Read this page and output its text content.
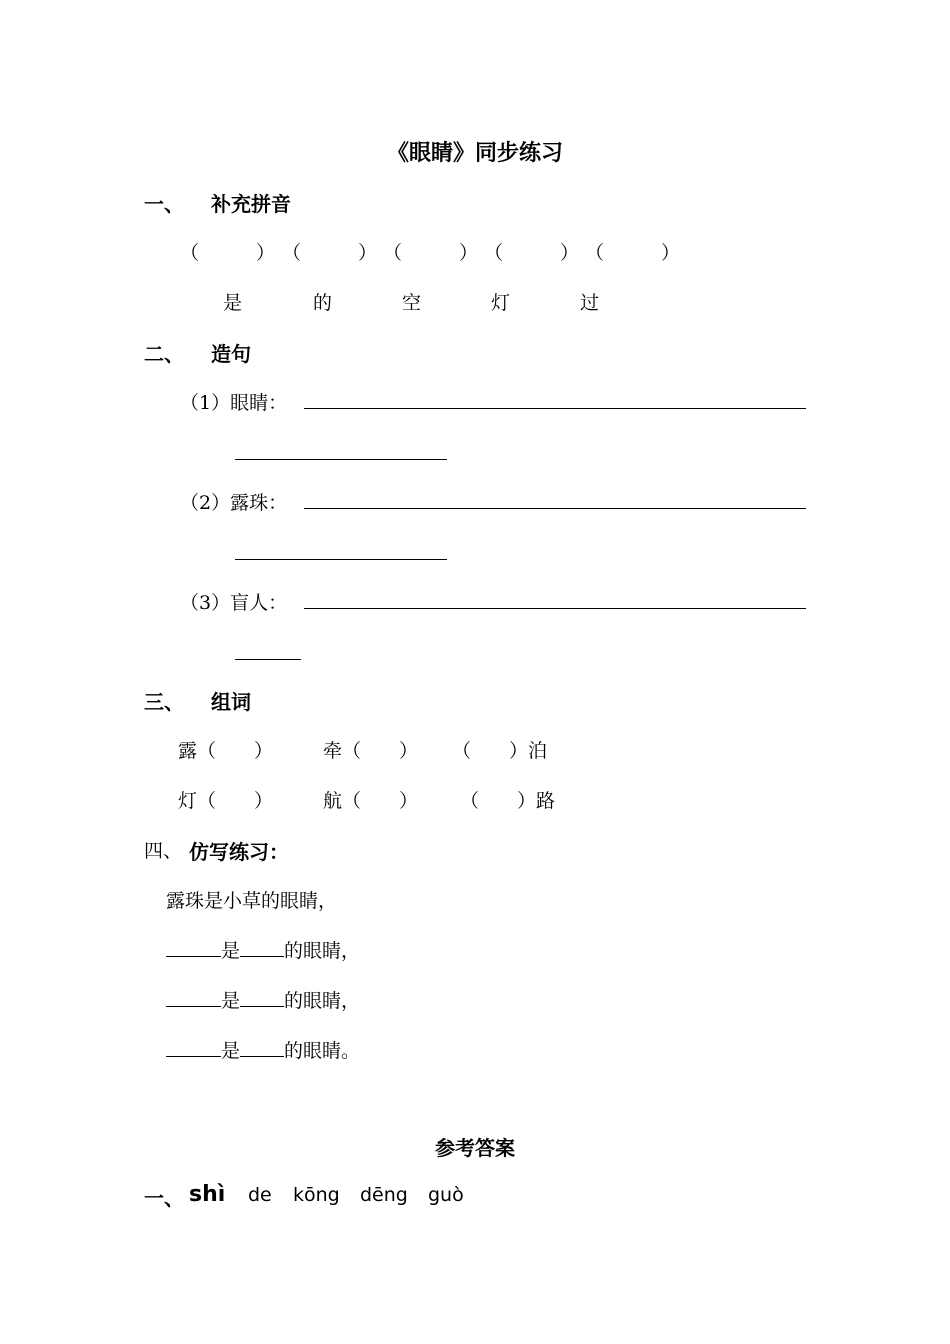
《眼睛》同步练习
一、 补充拼音
（　　　） （　　　） （　　　） （　　　） （　　　）
是	的	空	灯	过
二、 造句
（1）眼睛：
（2）露珠：
（3）盲人：
三、 组词
露（　　）	牵（　　） （　　）泊
灯（　　）	航（　　） （　　）路
四、 仿写练习：
露珠是小草的眼睛，
是 的眼睛，
是 的眼睛，
是 的眼睛。
参考答案
一、 shì de kōng dēng guò
